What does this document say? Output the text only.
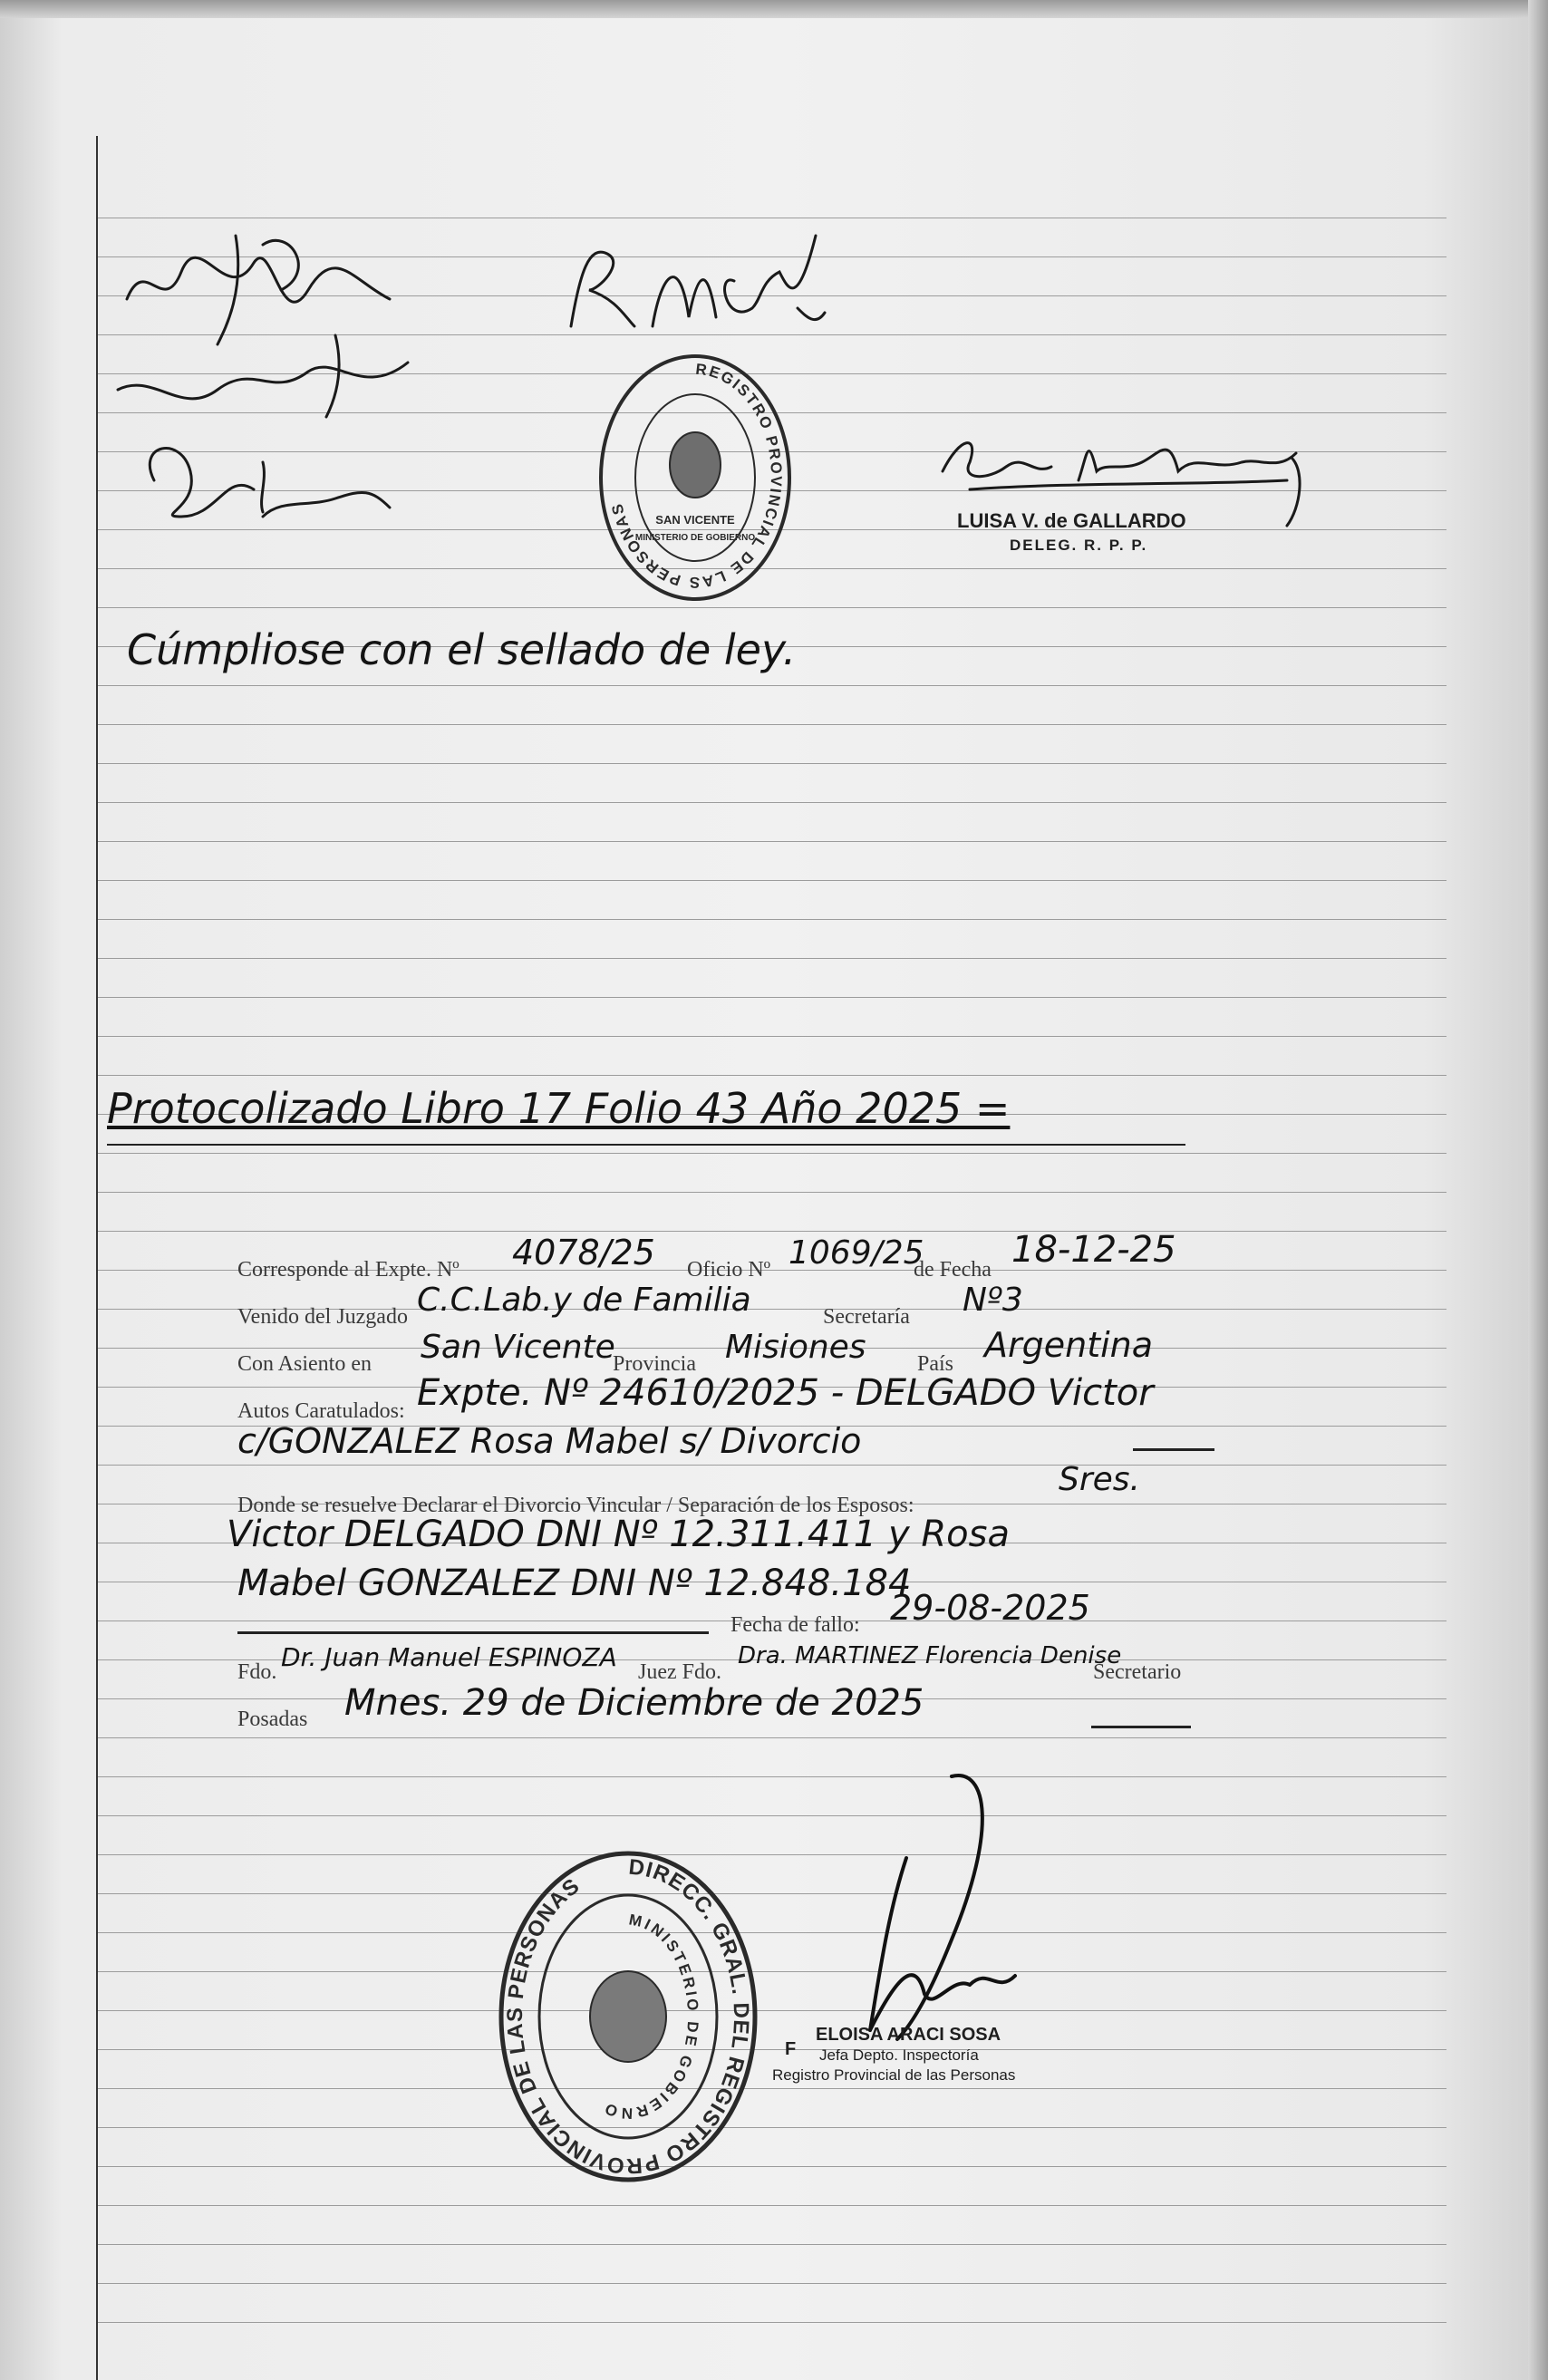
REGISTRO PROVINCIAL DE LAS PERSONAS
SAN VICENTE
MINISTERIO DE GOBIERNO
LUISA V. de GALLARDO
DELEG. R. P. P.
Cúmpliose con el sellado de ley.
Protocolizado Libro 17 Folio 43 Año 2025 =
Corresponde al Expte. Nº 4078/25 Oficio Nº 1069/25
de Fecha 18-12-25
Venido del Juzgado C.C.Lab.y de Familia	Secretaría Nº3
Con Asiento en San Vicente
Provincia Misiones País Argentina
Autos Caratulados: Expte. Nº 24610/2025 - DELGADO Victor
c/GONZALEZ Rosa Mabel s/ Divorcio
Donde se resuelve Declarar el Divorcio Vincular / Separación de los Esposos:
Sres.
Victor DELGADO DNI Nº 12.311.411 y Rosa
Mabel GONZALEZ DNI Nº 12.848.184
Fecha de fallo: 29-08-2025
Fdo. Dr. Juan Manuel ESPINOZA Juez Fdo.
Dra. MARTINEZ Florencia Denise
Secretario
Posadas Mnes. 29 de Diciembre de 2025
DIRECC. GRAL. DEL REGISTRO PROVINCIAL DE LAS PERSONAS
MINISTERIO DE GOBIERNO
F
ELOISA ARACI SOSA
Jefa Depto. Inspectoría
Registro Provincial de las Personas
